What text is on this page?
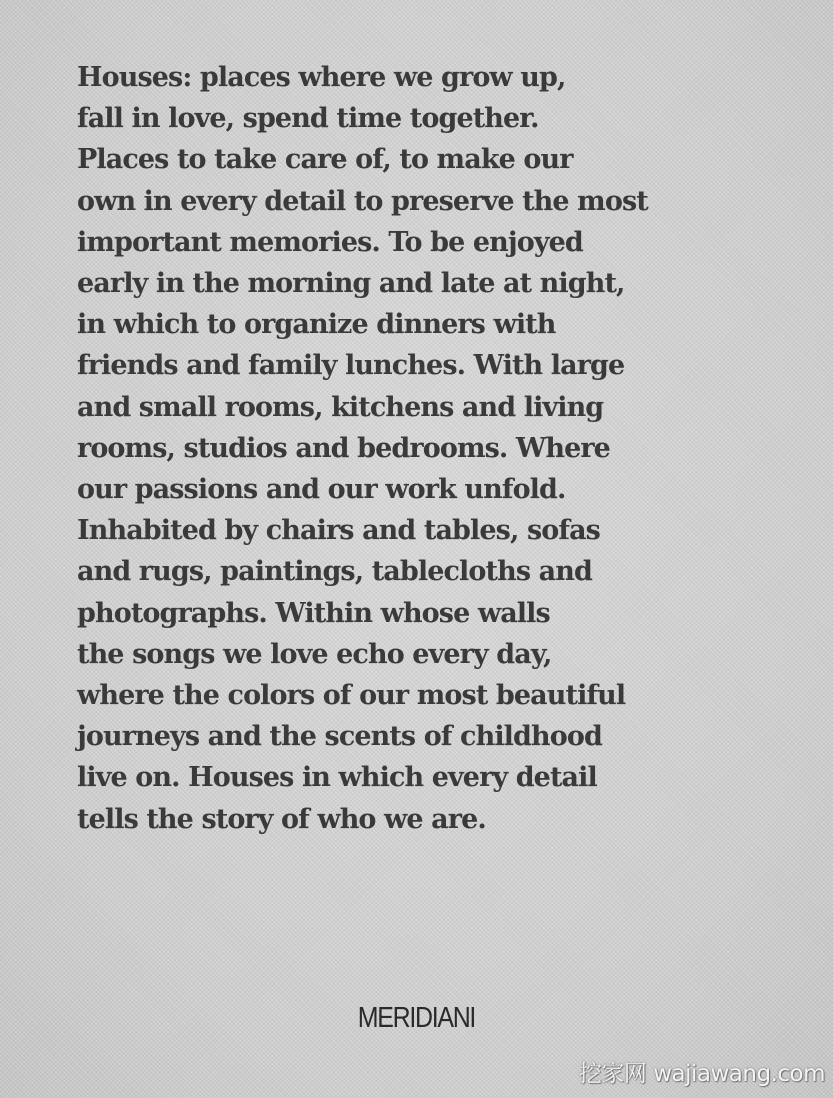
Houses: places where we grow up,
fall in love, spend time together.
Places to take care of, to make our
own in every detail to preserve the most
important memories. To be enjoyed
early in the morning and late at night,
in which to organize dinners with
friends and family lunches. With large
and small rooms, kitchens and living
rooms, studios and bedrooms. Where
our passions and our work unfold.
Inhabited by chairs and tables, sofas
and rugs, paintings, tablecloths and
photographs. Within whose walls
the songs we love echo every day,
where the colors of our most beautiful
journeys and the scents of childhood
live on. Houses in which every detail
tells the story of who we are.
MERIDIANI
挖家网 wajiawang.com
